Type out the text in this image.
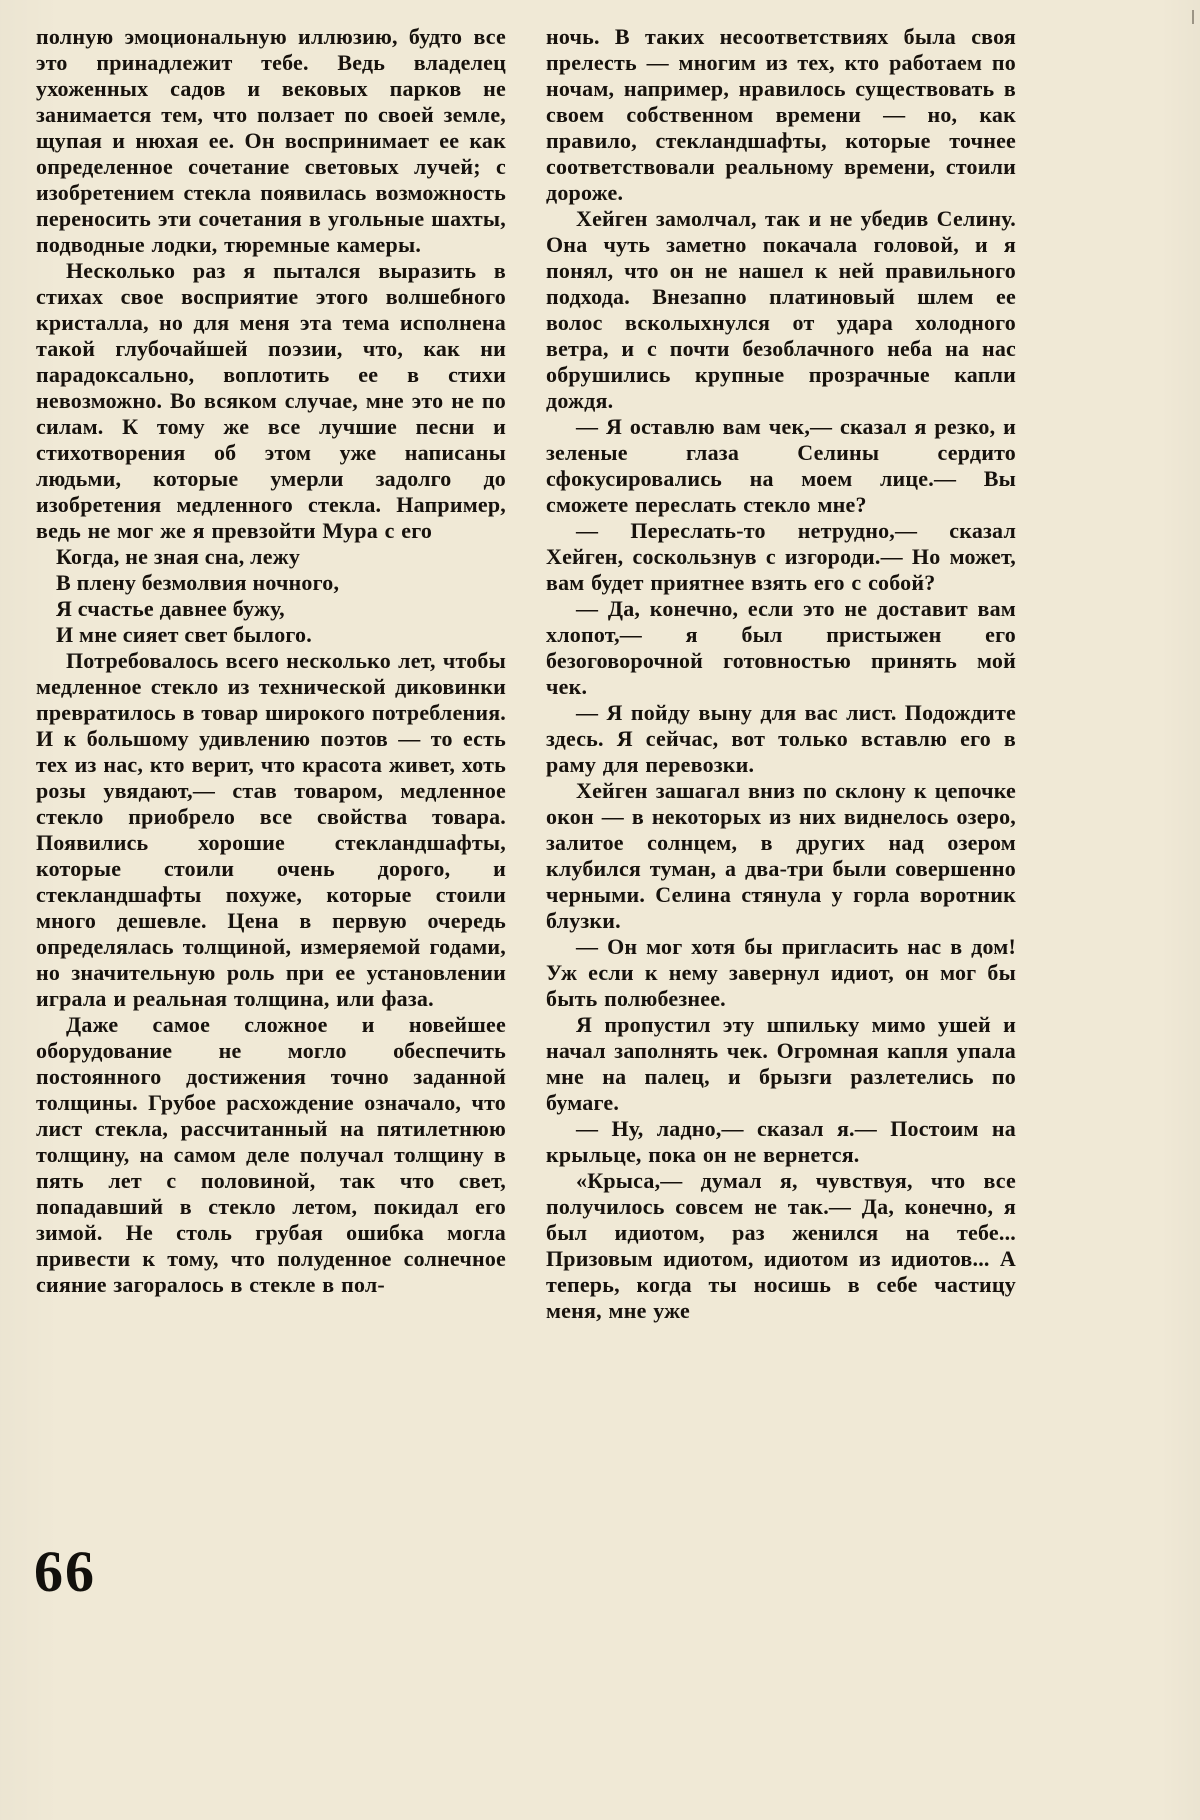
полную эмоциональную иллюзию, будто все это принадлежит тебе. Ведь владелец ухоженных садов и вековых парков не занимается тем, что ползает по своей земле, щупая и нюхая ее. Он воспринимает ее как определенное сочетание световых лучей; с изобретением стекла появилась возможность переносить эти сочетания в угольные шахты, подводные лодки, тюремные камеры.

Несколько раз я пытался выразить в стихах свое восприятие этого волшебного кристалла, но для меня эта тема исполнена такой глубочайшей поэзии, что, как ни парадоксально, воплотить ее в стихи невозможно. Во всяком случае, мне это не по силам. К тому же все лучшие песни и стихотворения об этом уже написаны людьми, которые умерли задолго до изобретения медленного стекла. Например, ведь не мог же я превзойти Мура с его

Когда, не зная сна, лежу
В плену безмолвия ночного,
Я счастье давнее бужу,
И мне сияет свет былого.

Потребовалось всего несколько лет, чтобы медленное стекло из технической диковинки превратилось в товар широкого потребления. И к большому удивлению поэтов — то есть тех из нас, кто верит, что красота живет, хоть розы увядают,— став товаром, медленное стекло приобрело все свойства товара. Появились хорошие стекландшафты, которые стоили очень дорого, и стекландшафты похуже, которые стоили много дешевле. Цена в первую очередь определялась толщиной, измеряемой годами, но значительную роль при ее установлении играла и реальная толщина, или фаза.

Даже самое сложное и новейшее оборудование не могло обеспечить постоянного достижения точно заданной толщины. Грубое расхождение означало, что лист стекла, рассчитанный на пятилетнюю толщину, на самом деле получал толщину в пять лет с половиной, так что свет, попадавший в стекло летом, покидал его зимой. Не столь грубая ошибка могла привести к тому, что полуденное солнечное сияние загоралось в стекле в пол-

ночь. В таких несоответствиях была своя прелесть — многим из тех, кто работаем по ночам, например, нравилось существовать в своем собственном времени — но, как правило, стекландшафты, которые точнее соответствовали реальному времени, стоили дороже.

Хейген замолчал, так и не убедив Селину. Она чуть заметно покачала головой, и я понял, что он не нашел к ней правильного подхода. Внезапно платиновый шлем ее волос всколыхнулся от удара холодного ветра, и с почти безоблачного неба на нас обрушились крупные прозрачные капли дождя.

— Я оставлю вам чек,— сказал я резко, и зеленые глаза Селины сердито сфокусировались на моем лице.— Вы сможете переслать стекло мне?

— Переслать-то нетрудно,— сказал Хейген, соскользнув с изгороди.— Но может, вам будет приятнее взять его с собой?

— Да, конечно, если это не доставит вам хлопот,— я был пристыжен его безоговорочной готовностью принять мой чек.

— Я пойду выну для вас лист. Подождите здесь. Я сейчас, вот только вставлю его в раму для перевозки.

Хейген зашагал вниз по склону к цепочке окон — в некоторых из них виднелось озеро, залитое солнцем, в других над озером клубился туман, а два-три были совершенно черными. Селина стянула у горла воротник блузки.

— Он мог хотя бы пригласить нас в дом! Уж если к нему завернул идиот, он мог бы быть полюбезнее.

Я пропустил эту шпильку мимо ушей и начал заполнять чек. Огромная капля упала мне на палец, и брызги разлетелись по бумаге.

— Ну, ладно,— сказал я.— Постоим на крыльце, пока он не вернется.

«Крыса,— думал я, чувствуя, что все получилось совсем не так.— Да, конечно, я был идиотом, раз женился на тебе... Призовым идиотом, идиотом из идиотов... А теперь, когда ты носишь в себе частицу меня, мне уже

66
